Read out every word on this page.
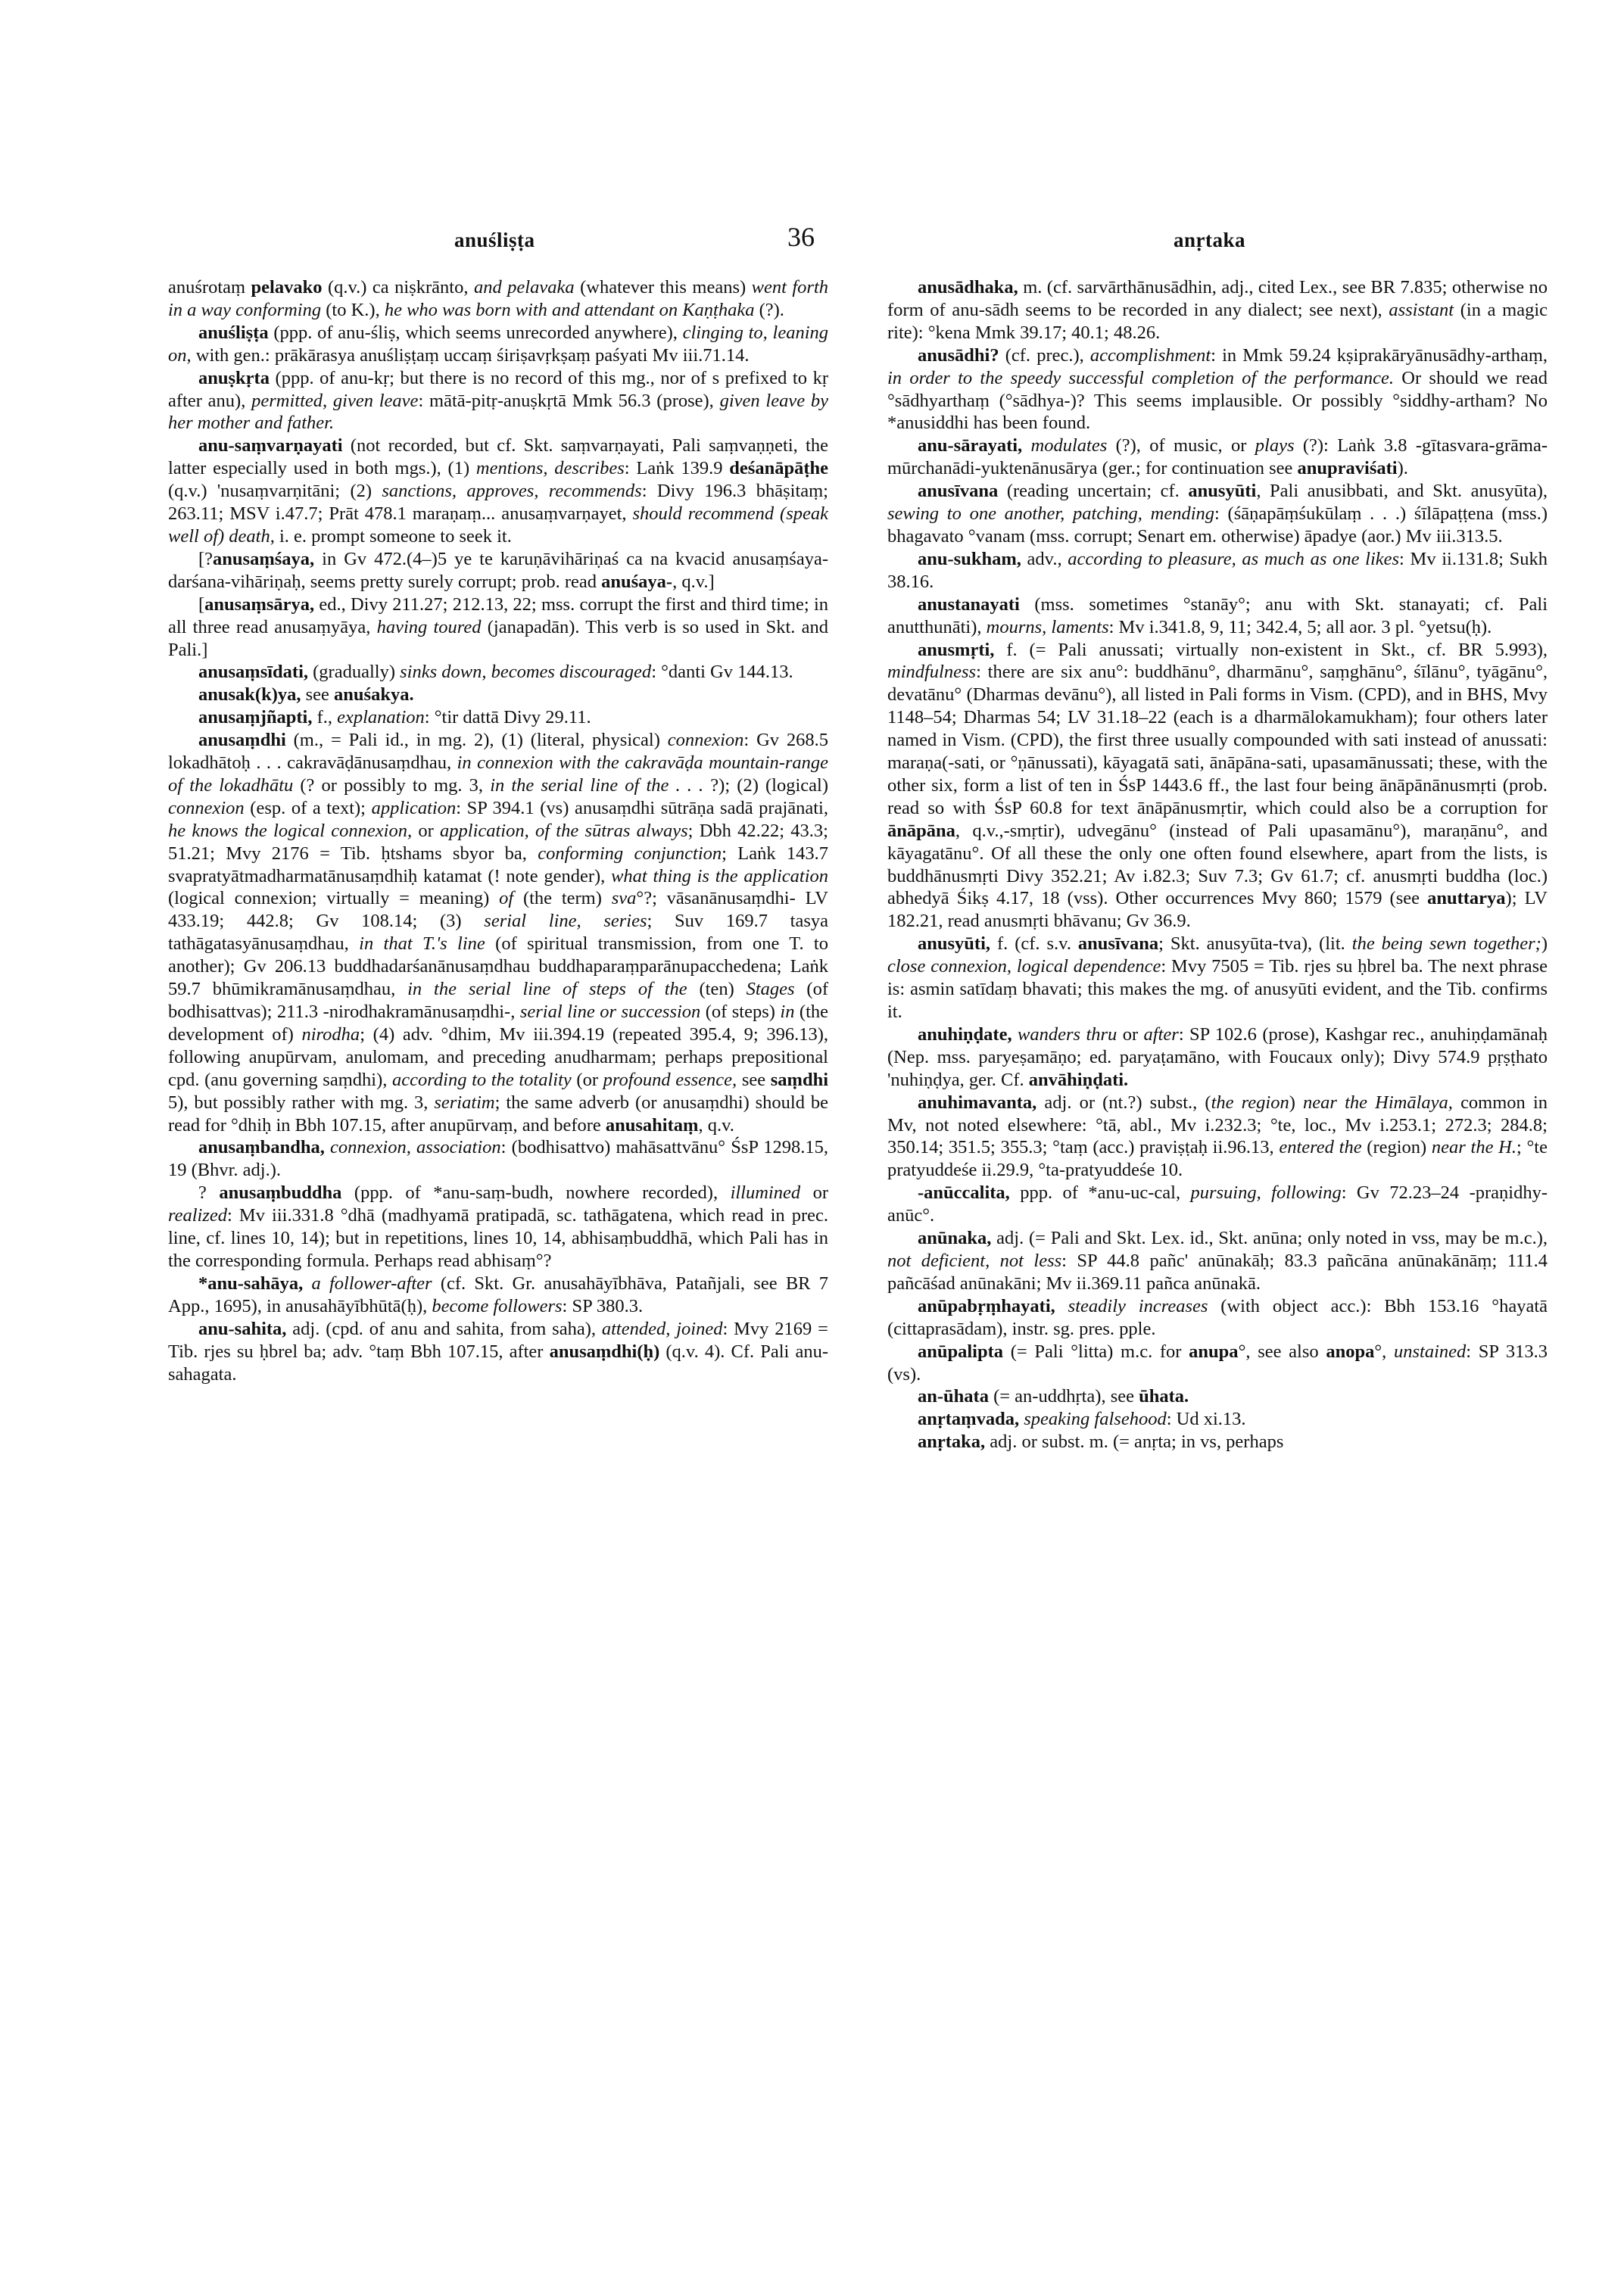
anuśliṣṭa	36	anṛtaka

anuśrotaṃ pelavako (q.v.) ca niṣkrānto, and pelavaka (whatever this means) went forth in a way conforming (to K.), he who was born with and attendant on Kaṇṭhaka (?).

anuśliṣṭa (ppp. of anu-śliṣ, which seems unrecorded anywhere), clinging to, leaning on, with gen.: prākārasya anuśliṣṭaṃ uccaṃ śiriṣavṛkṣaṃ paśyati Mv iii.71.14.

anuṣkṛta (ppp. of anu-kṛ; but there is no record of this mg., nor of s prefixed to kṛ after anu), permitted, given leave: mātā-pitṛ-anuṣkṛtā Mmk 56.3 (prose), given leave by her mother and father.

anu-saṃvarṇayati (not recorded, but cf. Skt. saṃvarṇayati, Pali saṃvaṇṇeti, the latter especially used in both mgs.), (1) mentions, describes: Laṅk 139.9 deśanāpāṭhe (q.v.) 'nusaṃvarṇitāni; (2) sanctions, approves, recommends: Divy 196.3 bhāṣitaṃ; 263.11; MSV i.47.7; Prāt 478.1 maraṇaṃ... anusaṃvarṇayet, should recommend (speak well of) death, i. e. prompt someone to seek it.

[?anusaṃśaya, in Gv 472.(4–)5 ye te karuṇāvihāriṇaś ca na kvacid anusaṃśaya-darśana-vihāriṇaḥ, seems pretty surely corrupt; prob. read anuśaya-, q.v.]

[anusaṃsārya, ed., Divy 211.27; 212.13, 22; mss. corrupt the first and third time; in all three read anusaṃyāya, having toured (janapadān). This verb is so used in Skt. and Pali.]

anusaṃsīdati, (gradually) sinks down, becomes discouraged: °danti Gv 144.13.

anusak(k)ya, see anuśakya.

anusaṃjñapti, f., explanation: °tir dattā Divy 29.11.

anusaṃdhi (m., = Pali id., in mg. 2), (1) (literal, physical) connexion: Gv 268.5 lokadhātoḥ . . . cakravāḍānusaṃdhau, in connexion with the cakravāḍa mountain-range of the lokadhātu (? or possibly to mg. 3, in the serial line of the . . . ?); (2) (logical) connexion (esp. of a text); application: SP 394.1 (vs) anusaṃdhi sūtrāṇa sadā prajānati, he knows the logical connexion, or application, of the sūtras always; Dbh 42.22; 43.3; 51.21; Mvy 2176 = Tib. ḥtshams sbyor ba, conforming conjunction; Laṅk 143.7 svapratyātmadharmatānusaṃdhiḥ katamat (! note gender), what thing is the application (logical connexion; virtually = meaning) of (the term) sva°?; vāsanānusaṃdhi- LV 433.19; 442.8; Gv 108.14; (3) serial line, series; Suv 169.7 tasya tathāgatasyānusaṃdhau, in that T.'s line (of spiritual transmission, from one T. to another); Gv 206.13 buddhadarśanānusaṃdhau buddhaparaṃparānupacchedena; Laṅk 59.7 bhūmikramānusaṃdhau, in the serial line of steps of the (ten) Stages (of bodhisattvas); 211.3 -nirodhakramānusaṃdhi-, serial line or succession (of steps) in (the development of) nirodha; (4) adv. °dhim, Mv iii.394.19 (repeated 395.4, 9; 396.13), following anupūrvam, anulomam, and preceding anudharmam; perhaps prepositional cpd. (anu governing saṃdhi), according to the totality (or profound essence, see saṃdhi 5), but possibly rather with mg. 3, seriatim; the same adverb (or anusaṃdhi) should be read for °dhiḥ in Bbh 107.15, after anupūrvaṃ, and before anusahitaṃ, q.v.

anusaṃbandha, connexion, association: (bodhisattvo) mahāsattvānu° ŚsP 1298.15, 19 (Bhvr. adj.).

? anusaṃbuddha (ppp. of *anu-saṃ-budh, nowhere recorded), illumined or realized: Mv iii.331.8 °dhā (madhyamā pratipadā, sc. tathāgatena, which read in prec. line, cf. lines 10, 14); but in repetitions, lines 10, 14, abhisaṃbuddhā, which Pali has in the corresponding formula. Perhaps read abhisaṃ°?

*anu-sahāya, a follower-after (cf. Skt. Gr. anusahāyībhāva, Patañjali, see BR 7 App., 1695), in anusahāyībhūtā(ḥ), become followers: SP 380.3.

anu-sahita, adj. (cpd. of anu and sahita, from saha), attended, joined: Mvy 2169 = Tib. rjes su ḥbrel ba; adv. °taṃ Bbh 107.15, after anusaṃdhi(ḥ) (q.v. 4). Cf. Pali anu-sahagata.

anusādhaka, m. (cf. sarvārthānusādhin, adj., cited Lex., see BR 7.835; otherwise no form of anu-sādh seems to be recorded in any dialect; see next), assistant (in a magic rite): °kena Mmk 39.17; 40.1; 48.26.

anusādhi? (cf. prec.), accomplishment: in Mmk 59.24 kṣiprakāryānusādhy-arthaṃ, in order to the speedy successful completion of the performance. Or should we read °sādhyarthaṃ (°sādhya-)? This seems implausible. Or possibly °siddhy-artham? No *anusiddhi has been found.

anu-sārayati, modulates (?), of music, or plays (?): Laṅk 3.8 -gītasvara-grāma-mūrchanādi-yuktenānusārya (ger.; for continuation see anupraviśati).

anusīvana (reading uncertain; cf. anusyūti, Pali anusibbati, and Skt. anusyūta), sewing to one another, patching, mending: (śāṇapāṃśukūlaṃ . . .) śīlāpaṭṭena (mss.) bhagavato °vanam (mss. corrupt; Senart em. otherwise) āpadye (aor.) Mv iii.313.5.

anu-sukham, adv., according to pleasure, as much as one likes: Mv ii.131.8; Sukh 38.16.

anustanayati (mss. sometimes °stanāy°; anu with Skt. stanayati; cf. Pali anutthunāti), mourns, laments: Mv i.341.8, 9, 11; 342.4, 5; all aor. 3 pl. °yetsu(ḥ).

anusmṛti, f. (= Pali anussati; virtually non-existent in Skt., cf. BR 5.993), mindfulness: there are six anu°: buddhānu°, dharmānu°, saṃghānu°, śīlānu°, tyāgānu°, devatānu° (Dharmas devānu°), all listed in Pali forms in Vism. (CPD), and in BHS, Mvy 1148–54; Dharmas 54; LV 31.18–22 (each is a dharmālokamukham); four others later named in Vism. (CPD), the first three usually compounded with sati instead of anussati: maraṇa(-sati, or °ṇānussati), kāyagatā sati, ānāpāna-sati, upasamānussati; these, with the other six, form a list of ten in ŚsP 1443.6 ff., the last four being ānāpānānusmṛti (prob. read so with ŚsP 60.8 for text ānāpānusmṛtir, which could also be a corruption for ānāpāna, q.v.,-smṛtir), udvegānu° (instead of Pali upasamānu°), maraṇānu°, and kāyagatānu°. Of all these the only one often found elsewhere, apart from the lists, is buddhānusmṛti Divy 352.21; Av i.82.3; Suv 7.3; Gv 61.7; cf. anusmṛti buddha (loc.) abhedyā Śikṣ 4.17, 18 (vss). Other occurrences Mvy 860; 1579 (see anuttarya); LV 182.21, read anusmṛti bhāvanu; Gv 36.9.

anusyūti, f. (cf. s.v. anusīvana; Skt. anusyūta-tva), (lit. the being sewn together;) close connexion, logical dependence: Mvy 7505 = Tib. rjes su ḥbrel ba. The next phrase is: asmin satīdaṃ bhavati; this makes the mg. of anusyūti evident, and the Tib. confirms it.

anuhiṇḍate, wanders thru or after: SP 102.6 (prose), Kashgar rec., anuhiṇḍamānaḥ (Nep. mss. paryeṣamāṇo; ed. paryaṭamāno, with Foucaux only); Divy 574.9 pṛṣṭhato 'nuhiṇḍya, ger. Cf. anvāhiṇḍati.

anuhimavanta, adj. or (nt.?) subst., (the region) near the Himālaya, common in Mv, not noted elsewhere: °tā, abl., Mv i.232.3; °te, loc., Mv i.253.1; 272.3; 284.8; 350.14; 351.5; 355.3; °taṃ (acc.) praviṣṭaḥ ii.96.13, entered the (region) near the H.; °te pratyuddeśe ii.29.9, °ta-pratyuddeśe 10.

-anūccalita, ppp. of *anu-uc-cal, pursuing, following: Gv 72.23–24 -praṇidhy-anūc°.

anūnaka, adj. (= Pali and Skt. Lex. id., Skt. anūna; only noted in vss, may be m.c.), not deficient, not less: SP 44.8 pañc' anūnakāḥ; 83.3 pañcāna anūnakānāṃ; 111.4 pañcāśad anūnakāni; Mv ii.369.11 pañca anūnakā.

anūpabṛṃhayati, steadily increases (with object acc.): Bbh 153.16 °hayatā (cittaprasādam), instr. sg. pres. pple.

anūpalipta (= Pali °litta) m.c. for anupa°, see also anopa°, unstained: SP 313.3 (vs).

an-ūhata (= an-uddhṛta), see ūhata.

anṛtaṃvada, speaking falsehood: Ud xi.13.

anṛtaka, adj. or subst. m. (= anṛta; in vs, perhaps
